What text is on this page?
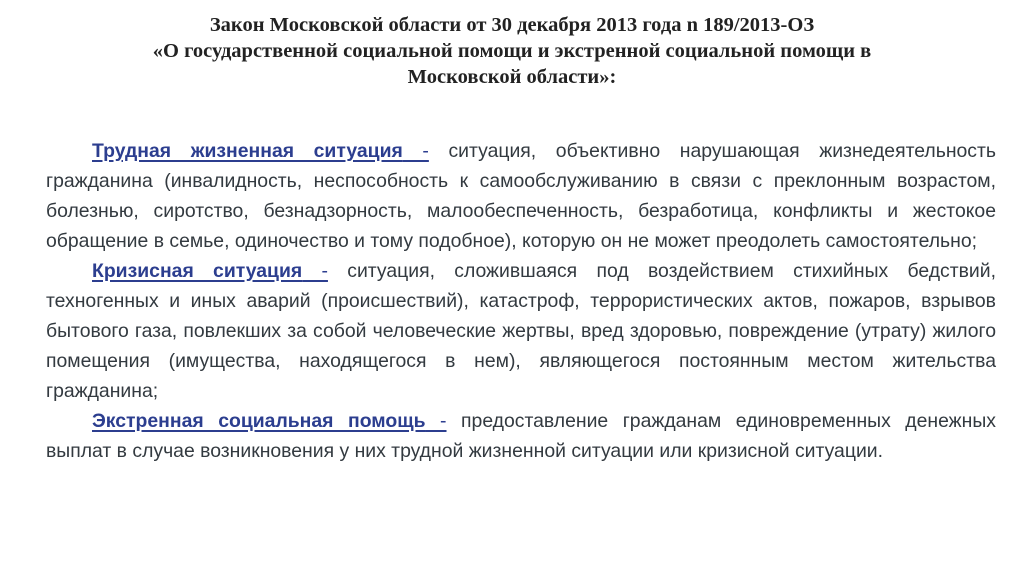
Закон Московской области от 30 декабря 2013 года n 189/2013-ОЗ
«О государственной социальной помощи и экстренной социальной помощи в
Московской области»:

Трудная жизненная ситуация - ситуация, объективно нарушающая жизнедеятельность гражданина (инвалидность, неспособность к самообслуживанию в связи с преклонным возрастом, болезнью, сиротство, безнадзорность, малообеспеченность, безработица, конфликты и жестокое обращение в семье, одиночество и тому подобное), которую он не может преодолеть самостоятельно;

Кризисная ситуация - ситуация, сложившаяся под воздействием стихийных бедствий, техногенных и иных аварий (происшествий), катастроф, террористических актов, пожаров, взрывов бытового газа, повлекших за собой человеческие жертвы, вред здоровью, повреждение (утрату) жилого помещения (имущества, находящегося в нем), являющегося постоянным местом жительства гражданина;

Экстренная социальная помощь - предоставление гражданам единовременных денежных выплат в случае возникновения у них трудной жизненной ситуации или кризисной ситуации.
